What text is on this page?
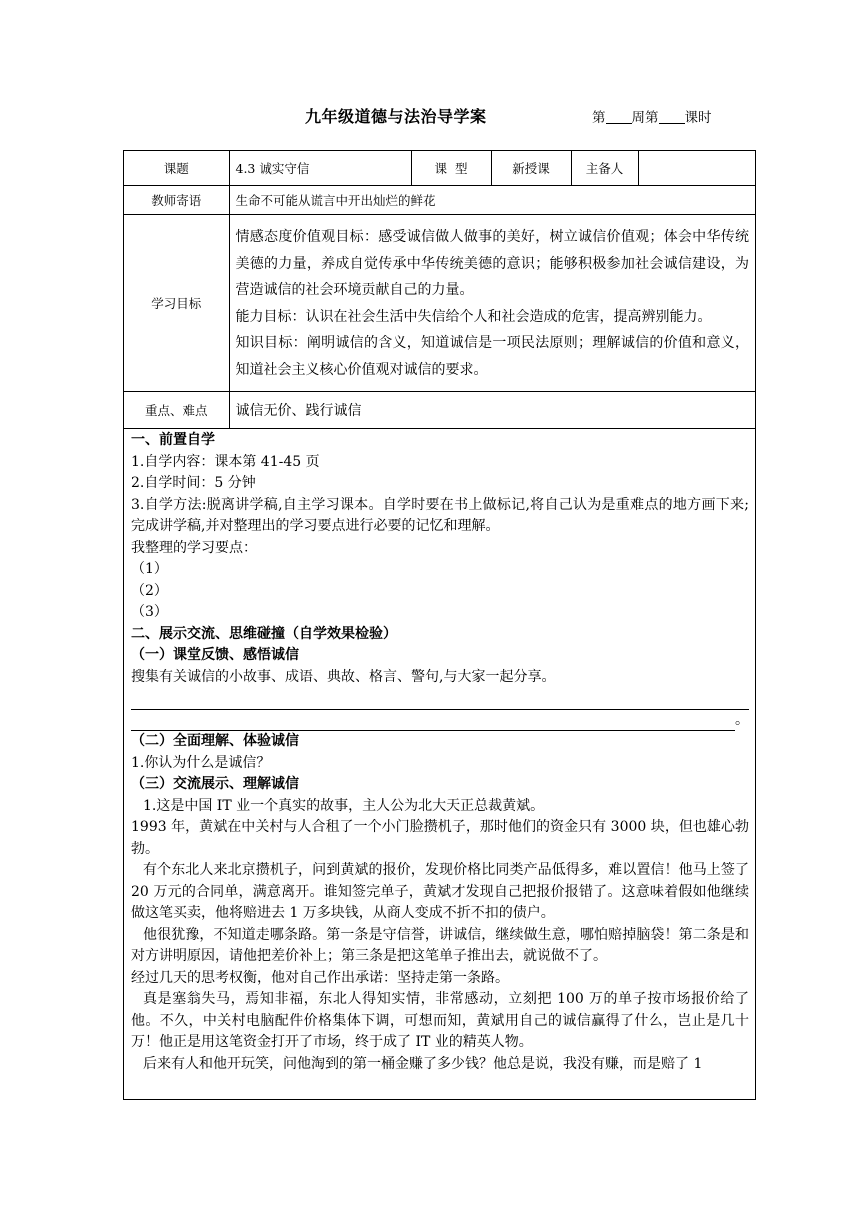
九年级道德与法治导学案	第 周第 课时
课题	4.3 诚实守信	课  型	新授课	主备人	
教师寄语	生命不可能从谎言中开出灿烂的鲜花				
学习目标	情感态度价值观目标：感受诚信做人做事的美好，树立诚信价值观；体会中华传统美德的力量，养成自觉传承中华传统美德的意识；能够积极参加社会诚信建设，为营造诚信的社会环境贡献自己的力量。
能力目标：认识在社会生活中失信给个人和社会造成的危害，提高辨别能力。
知识目标：阐明诚信的含义，知道诚信是一项民法原则；理解诚信的价值和意义，知道社会主义核心价值观对诚信的要求。				

重点、难点	诚信无价、践行诚信				

一、前置自学

1.自学内容：课本第 41-45 页

2.自学时间：5 分钟

3.自学方法:脱离讲学稿,自主学习课本。自学时要在书上做标记,将自己认为是重难点的地方画下来;完成讲学稿,并对整理出的学习要点进行必要的记忆和理解。

我整理的学习要点：

（1）

（2）

（3）

二、展示交流、思维碰撞（自学效果检验）

（一）课堂反馈、感悟诚信

搜集有关诚信的小故事、成语、典故、格言、警句,与大家一起分享。

。

（二）全面理解、体验诚信

1.你认为什么是诚信？

（三）交流展示、理解诚信

1.这是中国 IT 业一个真实的故事，主人公为北大天正总裁黄斌。

1993 年，黄斌在中关村与人合租了一个小门脸攒机子，那时他们的资金只有 3000 块，但也雄心勃勃。

有个东北人来北京攒机子，问到黄斌的报价，发现价格比同类产品低得多，难以置信！他马上签了 20 万元的合同单，满意离开。谁知签完单子，黄斌才发现自己把报价报错了。这意味着假如他继续做这笔买卖，他将赔进去 1 万多块钱，从商人变成不折不扣的债户。

他很犹豫，不知道走哪条路。第一条是守信誉，讲诚信，继续做生意，哪怕赔掉脑袋！第二条是和对方讲明原因，请他把差价补上；第三条是把这笔单子推出去，就说做不了。

经过几天的思考权衡，他对自己作出承诺：坚持走第一条路。

真是塞翁失马，焉知非福，东北人得知实情，非常感动，立刻把 100 万的单子按市场报价给了他。不久，中关村电脑配件价格集体下调，可想而知，黄斌用自己的诚信赢得了什么，岂止是几十万！他正是用这笔资金打开了市场，终于成了 IT 业的精英人物。

后来有人和他开玩笑，问他淘到的第一桶金赚了多少钱？他总是说，我没有赚，而是赔了 1
